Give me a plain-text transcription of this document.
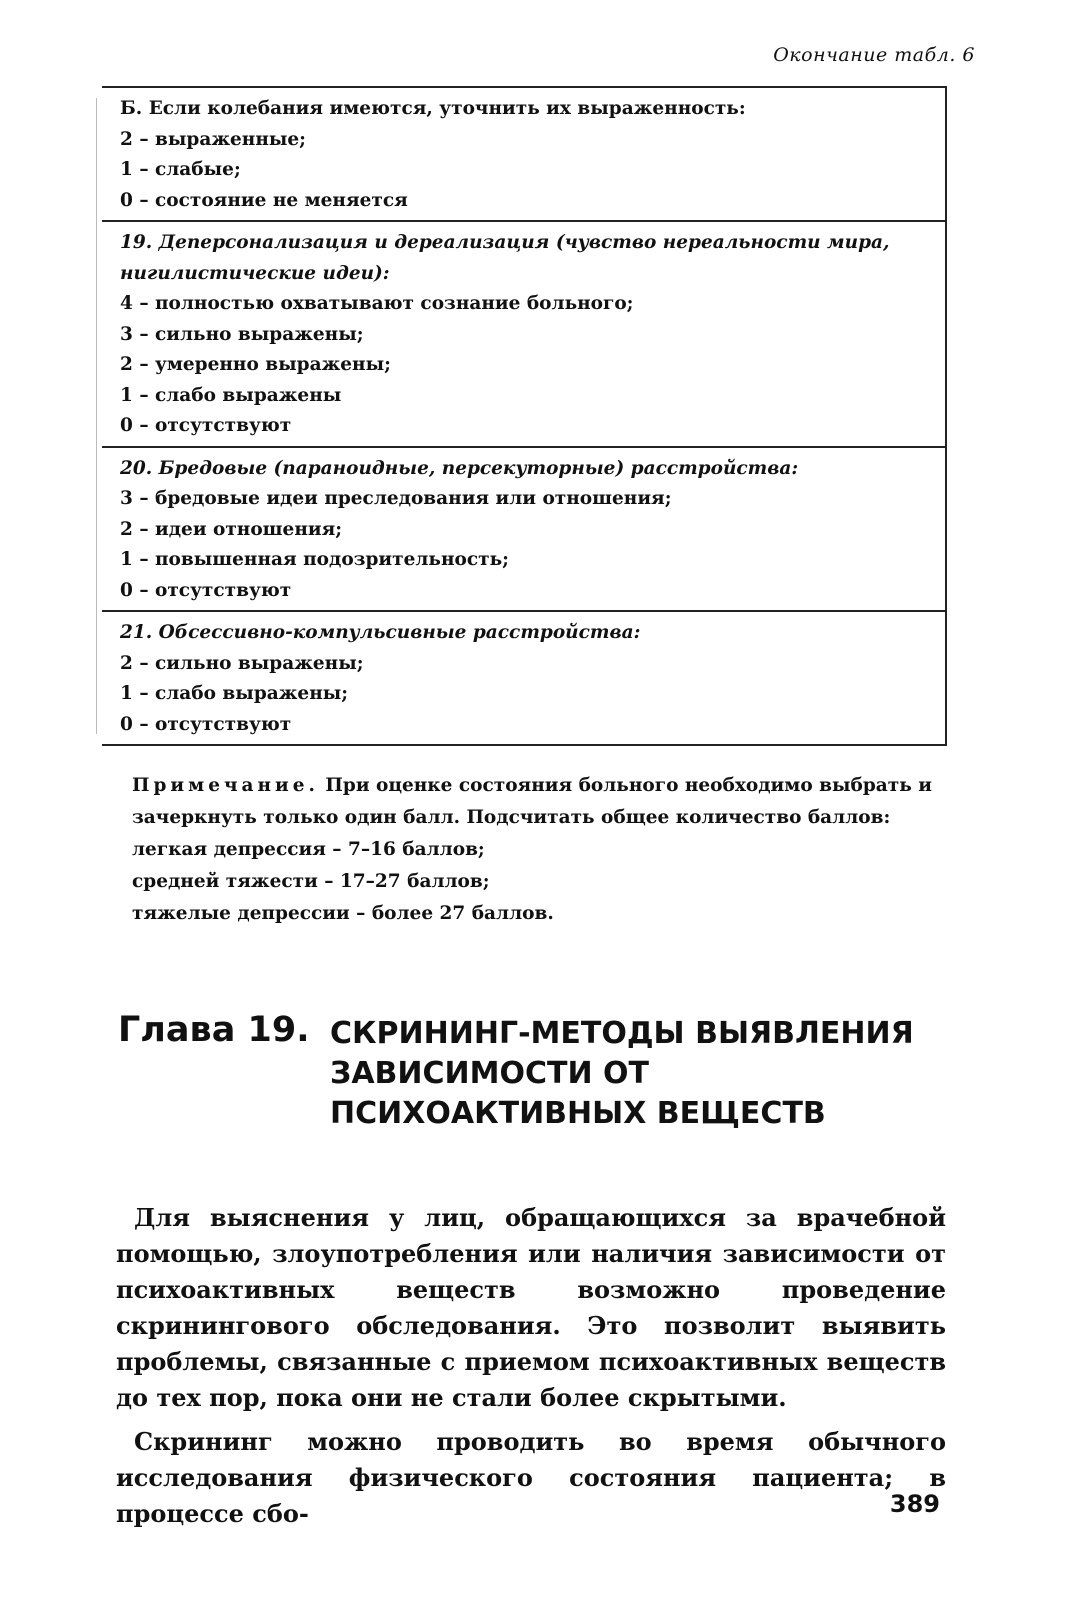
Окончание табл. 6
Б. Если колебания имеются, уточнить их выраженность:
2 – выраженные;
1 – слабые;
0 – состояние не меняется
19. Деперсонализация и дереализация (чувство нереальности мира, нигилистические идеи):
4 – полностью охватывают сознание больного;
3 – сильно выражены;
2 – умеренно выражены;
1 – слабо выражены
0 – отсутствуют
20. Бредовые (параноидные, персекуторные) расстройства:
3 – бредовые идеи преследования или отношения;
2 – идеи отношения;
1 – повышенная подозрительность;
0 – отсутствуют
21. Обсессивно-компульсивные расстройства:
2 – сильно выражены;
1 – слабо выражены;
0 – отсутствуют
Примечание. При оценке состояния больного необходимо выбрать и зачеркнуть только один балл. Подсчитать общее количество баллов:
легкая депрессия – 7–16 баллов;
средней тяжести – 17–27 баллов;
тяжелые депрессии – более 27 баллов.
Глава 19. СКРИНИНГ-МЕТОДЫ ВЫЯВЛЕНИЯ ЗАВИСИМОСТИ ОТ ПСИХОАКТИВНЫХ ВЕЩЕСТВ

Для выяснения у лиц, обращающихся за врачебной помощью, злоупотребления или наличия зависимости от психоактивных веществ возможно проведение скринингового обследования. Это позволит выявить проблемы, связанные с приемом психоактивных веществ до тех пор, пока они не стали более скрытыми.

Скрининг можно проводить во время обычного исследования физического состояния пациента; в процессе сбо-	389
